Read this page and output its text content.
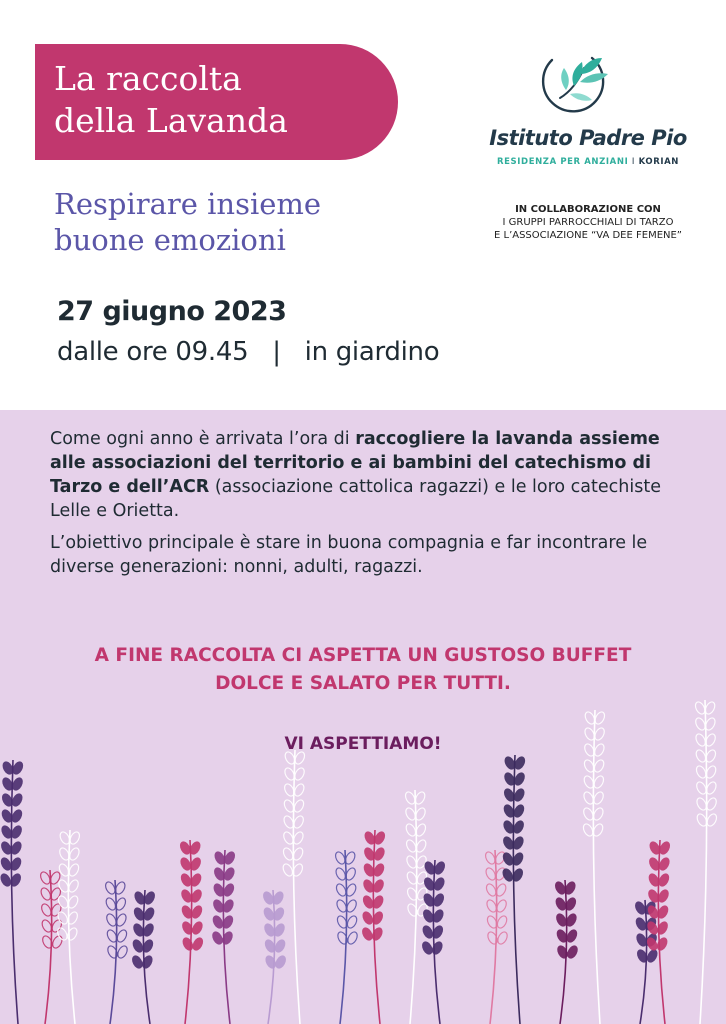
La raccolta
della Lavanda
Respirare insieme
buone emozioni
Istituto Padre Pio
RESIDENZA PER ANZIANI I KORIAN
IN COLLABORAZIONE CON
I GRUPPI PARROCCHIALI DI TARZO
E L’ASSOCIAZIONE “VA DEE FEMENE”
27 giugno 2023
dalle ore 09.45 | in giardino

Come ogni anno è arrivata l’ora di raccogliere la lavanda assieme alle associazioni del territorio e ai bambini del catechismo di Tarzo e dell’ACR (associazione cattolica ragazzi) e le loro catechiste Lelle e Orietta.

L’obiettivo principale è stare in buona compagnia e far incontrare le diverse generazioni: nonni, adulti, ragazzi.

A FINE RACCOLTA CI ASPETTA UN GUSTOSO BUFFET
DOLCE E SALATO PER TUTTI.
VI ASPETTIAMO!
